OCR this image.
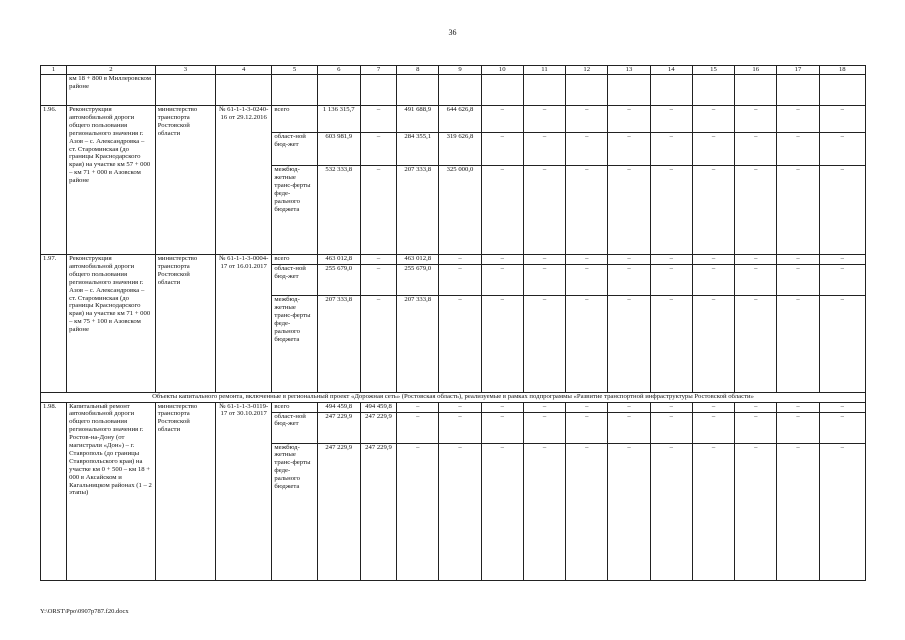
36
1	2	3	4	5	6	7	8	9	10	11	12	13	14	15	16	17	18
	км 18 + 800 в Миллеровском районе																
1.96.	Реконструкция автомобильной дороги общего пользования регионального значения г. Азов – с. Александровка – ст. Староминская (до границы Краснодарского края) на участке км 57 + 000 – км 71 + 000 в Азовском районе	министерство транспорта Ростовской области	№ 61-1-1-3-0240-16 от 29.12.2016	всего	1 136 315,7	–	491 688,9	644 626,8	–	–	–	–	–	–	–	–	–
				област-ной бюд-жет	603 981,9	–	284 355,1	319 626,8	–	–	–	–	–	–	–	–	–
				межбюд-жетные транс-ферты феде-рального бюджета	532 333,8	–	207 333,8	325 000,0	–	–	–	–	–	–	–	–	–
1.97.	Реконструкция автомобильной дороги общего пользования регионального значения г. Азов – с. Александровка – ст. Староминская (до границы Краснодарского края) на участке км 71 + 000 – км 75 + 100 в Азовском районе	министерство транспорта Ростовской области	№ 61-1-1-3-0004-17 от 16.01.2017	всего	463 012,8	–	463 012,8	–	–	–	–	–	–	–	–	–	–
				област-ной бюд-жет	255 679,0	–	255 679,0	–	–	–	–	–	–	–	–	–	–
				межбюд-жетные транс-ферты феде-рального бюджета	207 333,8	–	207 333,8	–	–	–	–	–	–	–	–	–	–
Объекты капитального ремонта, включенные в региональный проект «Дорожная сеть» (Ростовская область), реализуемые в рамках подпрограммы «Развитие транспортной инфраструктуры Ростовской области»																	
1.98.	Капитальный ремонт автомобильной дороги общего пользования регионального значения г. Ростов-на-Дону (от магистрали «Дон») – г. Ставрополь (до границы Ставропольского края) на участке км 0 + 500 – км 18 + 000 в Аксайском и Кагальницком районах (1 – 2 этапы)	министерство транспорта Ростовской области	№ 61-1-1-3-0119-17 от 30.10.2017	всего	494 459,8	494 459,8	–	–	–	–	–	–	–	–	–	–	–
				област-ной бюд-жет	247 229,9	247 229,9	–	–	–	–	–	–	–	–	–	–	–
				межбюд-жетные транс-ферты феде-рального бюджета	247 229,9	247 229,9	–	–	–	–	–	–	–	–	–	–	–
Y:\ORST\Ppo\0907p787.f20.docx
